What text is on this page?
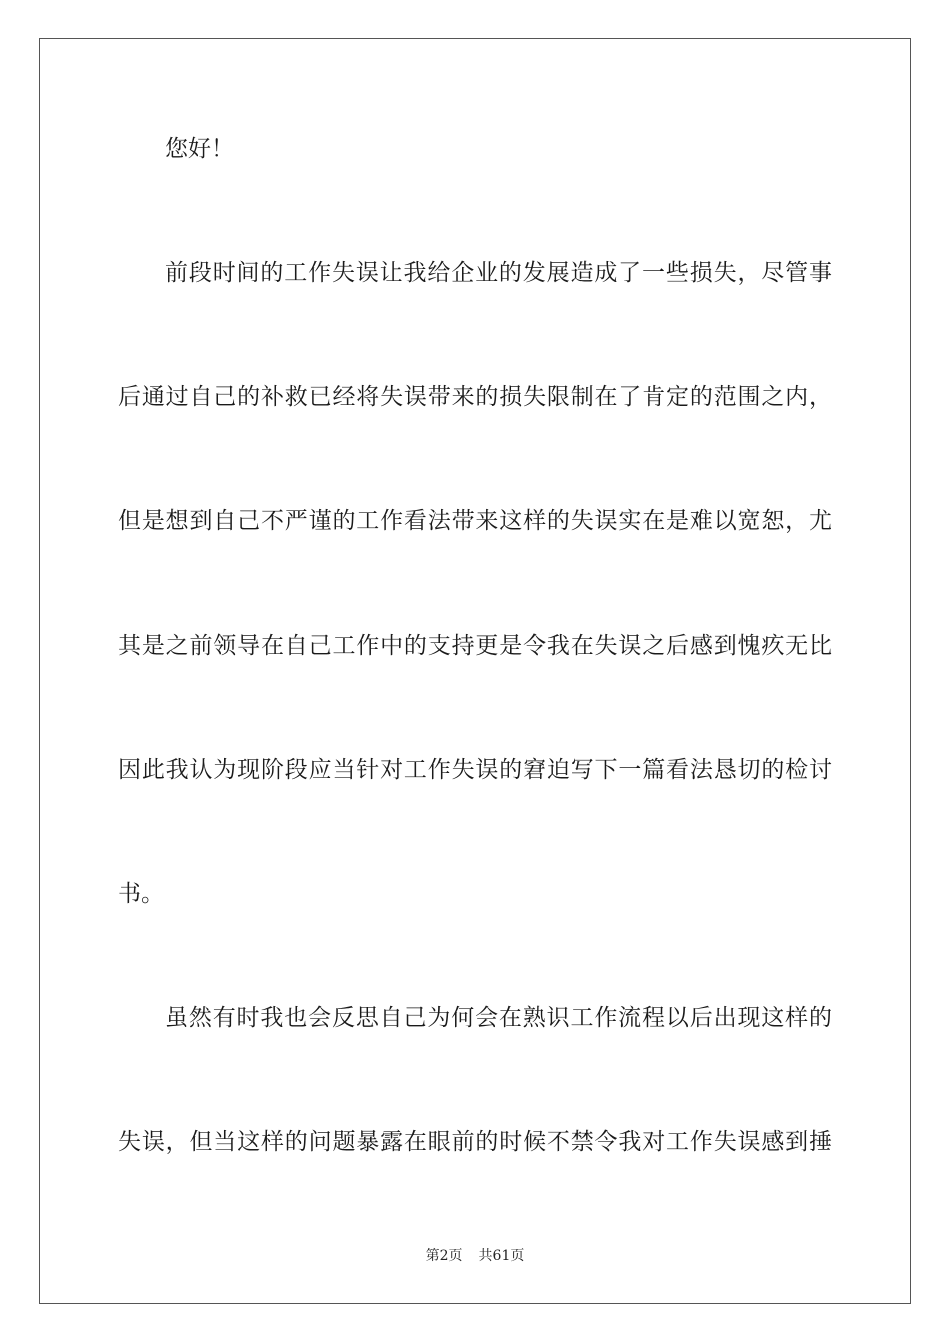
您好！
前段时间的工作失误让我给企业的发展造成了一些损失，尽管事
后通过自己的补救已经将失误带来的损失限制在了肯定的范围之内，
但是想到自己不严谨的工作看法带来这样的失误实在是难以宽恕，尤
其是之前领导在自己工作中的支持更是令我在失误之后感到愧疚无比
因此我认为现阶段应当针对工作失误的窘迫写下一篇看法恳切的检讨
书。
虽然有时我也会反思自己为何会在熟识工作流程以后出现这样的
失误，但当这样的问题暴露在眼前的时候不禁令我对工作失误感到捶
第2页 共61页
